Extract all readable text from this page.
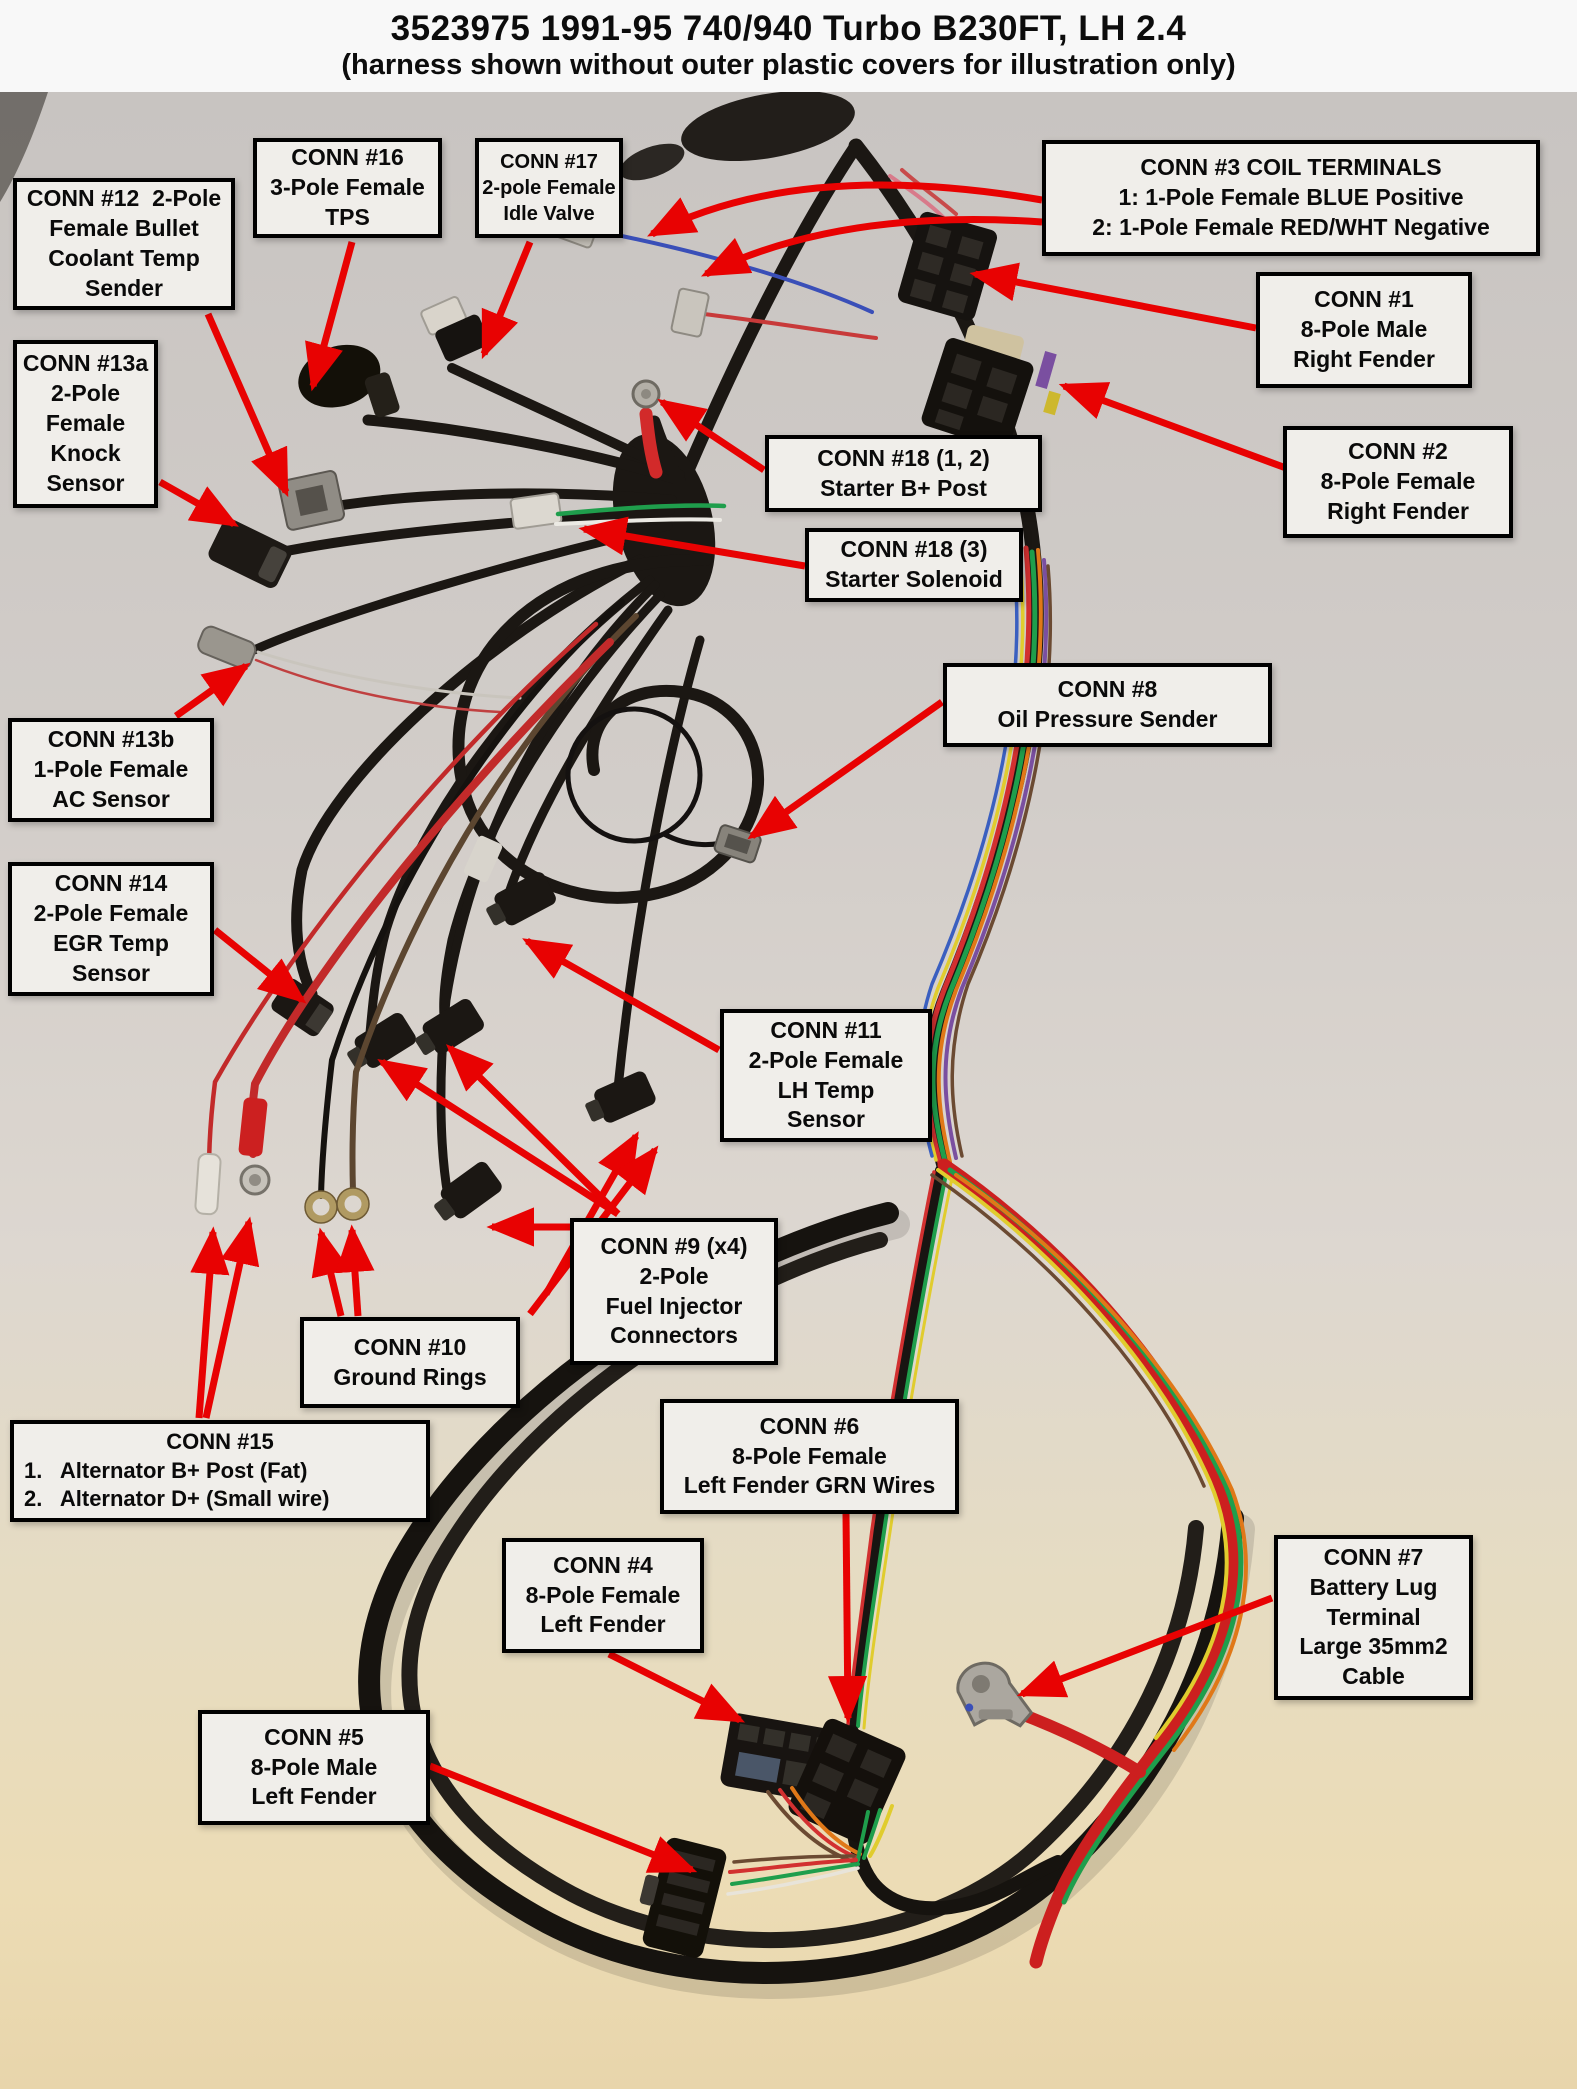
CONN #12  2-Pole
Female Bullet
Coolant Temp
Sender
CONN #16
3-Pole Female
TPS
CONN #17
2-pole Female
Idle Valve
CONN #3 COIL TERMINALS
1: 1-Pole Female BLUE Positive
2: 1-Pole Female RED/WHT Negative
CONN #1
8-Pole Male
Right Fender
CONN #2
8-Pole Female
Right Fender
CONN #13a
2-Pole
Female
Knock
Sensor
CONN #18 (1, 2)
Starter B+ Post
CONN #18 (3)
Starter Solenoid
CONN #8
Oil Pressure Sender
CONN #13b
1-Pole Female
AC Sensor
CONN #14
2-Pole Female
EGR Temp
Sensor
CONN #11
2-Pole Female
LH Temp
Sensor
CONN #9 (x4)
2-Pole
Fuel Injector
Connectors
CONN #10
Ground Rings
CONN #15
1.   Alternator B+ Post (Fat)
2.   Alternator D+ (Small wire)
CONN #6
8-Pole Female
Left Fender GRN Wires
CONN #4
8-Pole Female
Left Fender
CONN #7
Battery Lug
Terminal
Large 35mm2
Cable
CONN #5
8-Pole Male
Left Fender
3523975 1991-95 740/940 Turbo B230FT, LH 2.4
(harness shown without outer plastic covers for illustration only)
